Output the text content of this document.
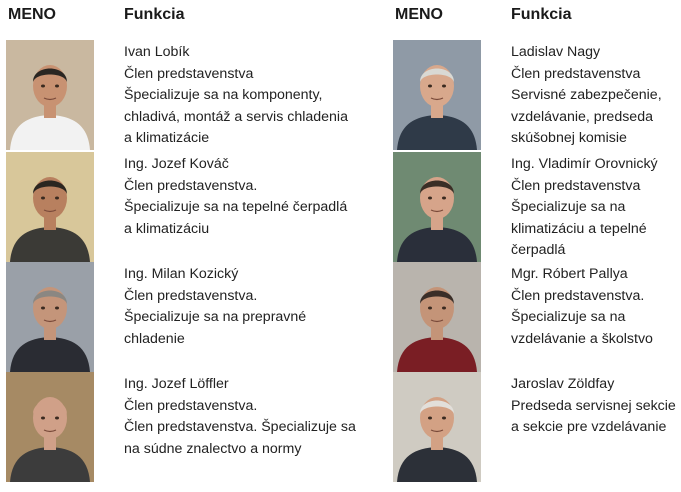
MENO	Funkcia
Ivan Lobík
Člen predstavenstva
Špecializuje sa na komponenty,
chladivá, montáž a servis chladenia
a klimatizácie
Ing. Jozef Kováč
Člen predstavenstva.
Špecializuje sa na tepelné čerpadlá
a klimatizáciu
Ing. Milan Kozický
Člen predstavenstva.
Špecializuje sa na prepravné
chladenie
Ing. Jozef Löffler
Člen predstavenstva.
Člen predstavenstva. Špecializuje sa
na súdne znalectvo a normy
MENO	Funkcia
Ladislav Nagy
Člen predstavenstva
Servisné zabezpečenie,
vzdelávanie, predseda
skúšobnej komisie
Ing. Vladimír Orovnický
Člen predstavenstva
Špecializuje sa na
klimatizáciu a tepelné
čerpadlá
Mgr. Róbert Pallya
Člen predstavenstva.
Špecializuje sa na
vzdelávanie a školstvo
Jaroslav Zöldfay
Predseda servisnej sekcie
a sekcie pre vzdelávanie
